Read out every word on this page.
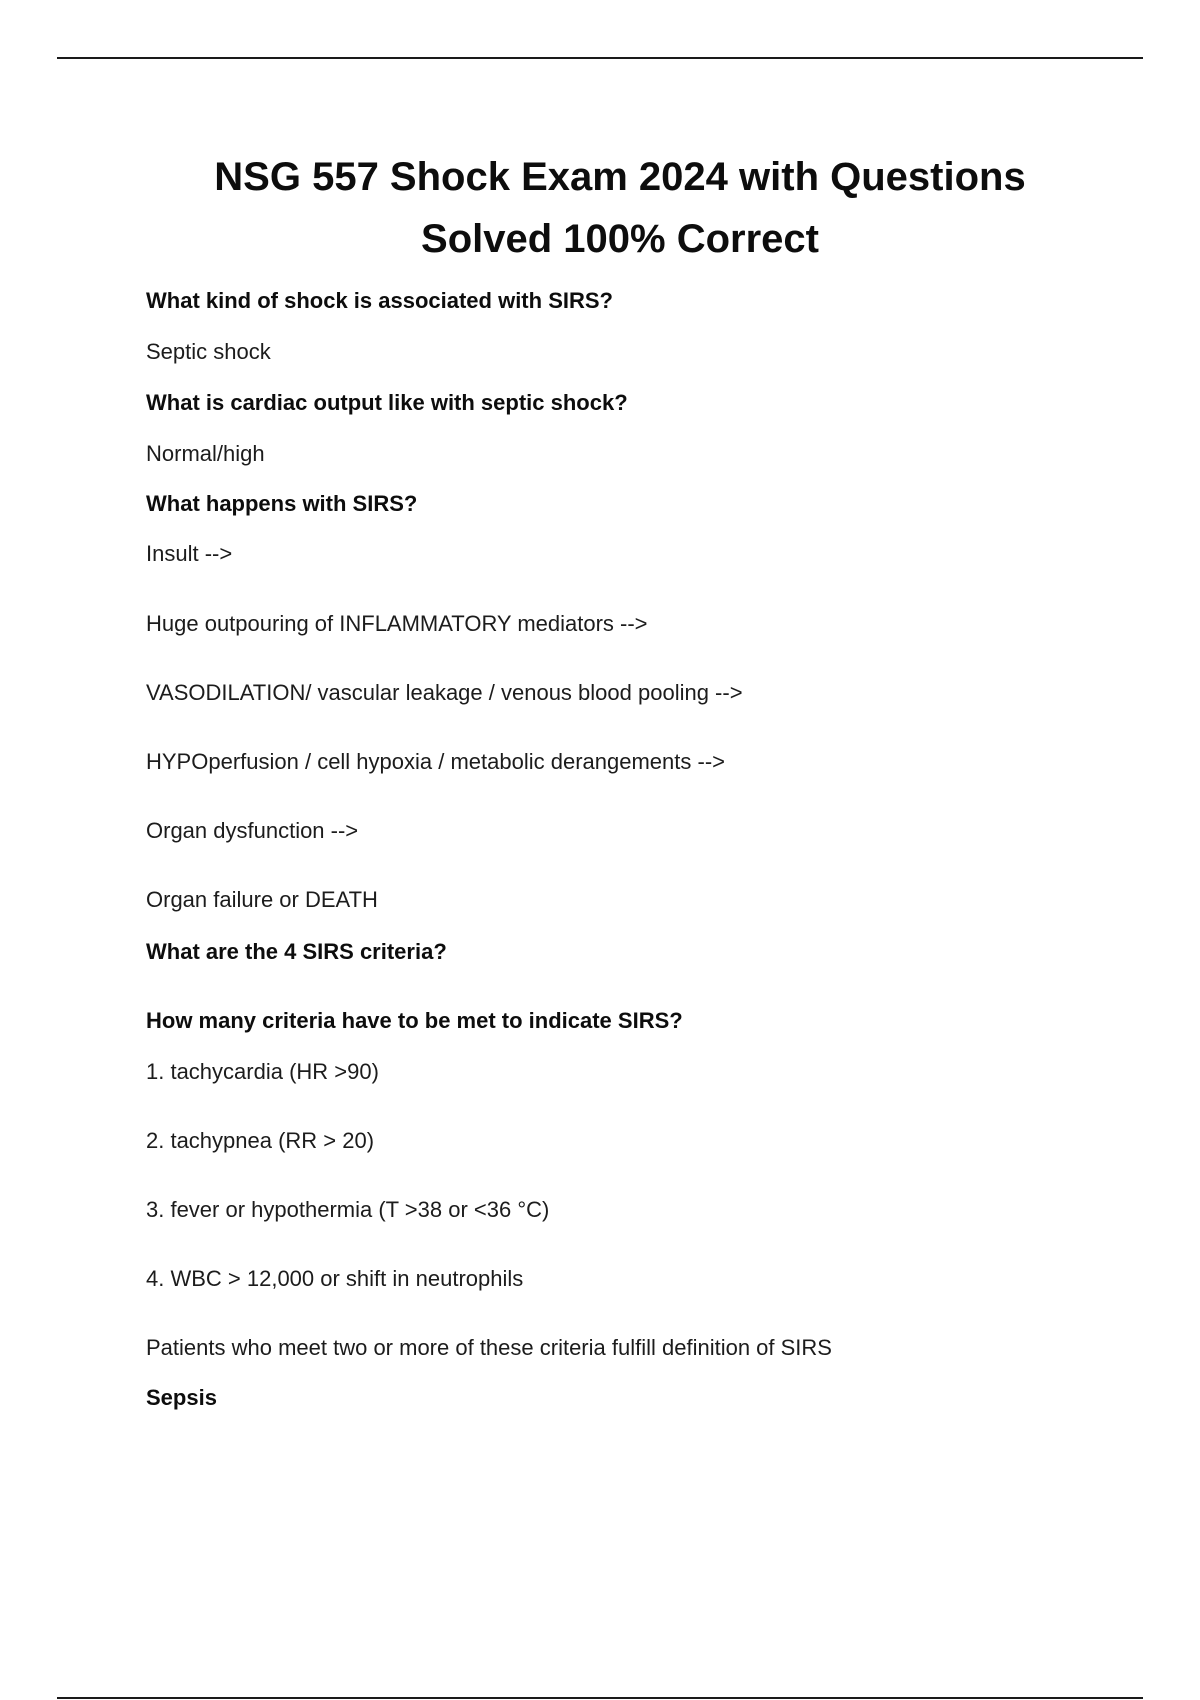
NSG 557 Shock Exam 2024 with Questions
Solved 100% Correct

What kind of shock is associated with SIRS?

Septic shock

What is cardiac output like with septic shock?

Normal/high

What happens with SIRS?

Insult -->

Huge outpouring of INFLAMMATORY mediators -->

VASODILATION/ vascular leakage / venous blood pooling -->

HYPOperfusion / cell hypoxia / metabolic derangements -->

Organ dysfunction -->

Organ failure or DEATH

What are the 4 SIRS criteria?

How many criteria have to be met to indicate SIRS?

1. tachycardia (HR >90)

2. tachypnea (RR > 20)

3. fever or hypothermia (T >38 or <36 °C)

4. WBC > 12,000 or shift in neutrophils

Patients who meet two or more of these criteria fulfill definition of SIRS

Sepsis
